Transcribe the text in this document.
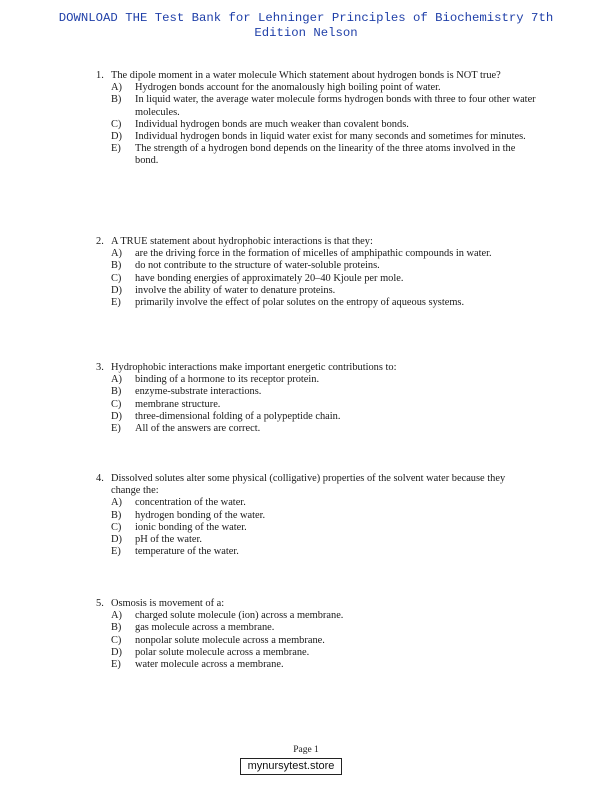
DOWNLOAD THE Test Bank for Lehninger Principles of Biochemistry 7th
Edition Nelson
1. The dipole moment in a water molecule Which statement about hydrogen bonds is NOT true?
A)	Hydrogen bonds account for the anomalously high boiling point of water.
B)	In liquid water, the average water molecule forms hydrogen bonds with three to four other water molecules.
C)	Individual hydrogen bonds are much weaker than covalent bonds.
D)	Individual hydrogen bonds in liquid water exist for many seconds and sometimes for minutes.
E)	The strength of a hydrogen bond depends on the linearity of the three atoms involved in the bond.
2. A TRUE statement about hydrophobic interactions is that they:
A)	are the driving force in the formation of micelles of amphipathic compounds in water.
B)	do not contribute to the structure of water-soluble proteins.
C)	have bonding energies of approximately 20–40 Kjoule per mole.
D)	involve the ability of water to denature proteins.
E)	primarily involve the effect of polar solutes on the entropy of aqueous systems.
3. Hydrophobic interactions make important energetic contributions to:
A)	binding of a hormone to its receptor protein.
B)	enzyme-substrate interactions.
C)	membrane structure.
D)	three-dimensional folding of a polypeptide chain.
E)	All of the answers are correct.
4. Dissolved solutes alter some physical (colligative) properties of the solvent water because they change the:
A)	concentration of the water.
B)	hydrogen bonding of the water.
C)	ionic bonding of the water.
D)	pH of the water.
E)	temperature of the water.
5. Osmosis is movement of a:
A)	charged solute molecule (ion) across a membrane.
B)	gas molecule across a membrane.
C)	nonpolar solute molecule across a membrane.
D)	polar solute molecule across a membrane.
E)	water molecule across a membrane.
Page 1
mynursytest.store
